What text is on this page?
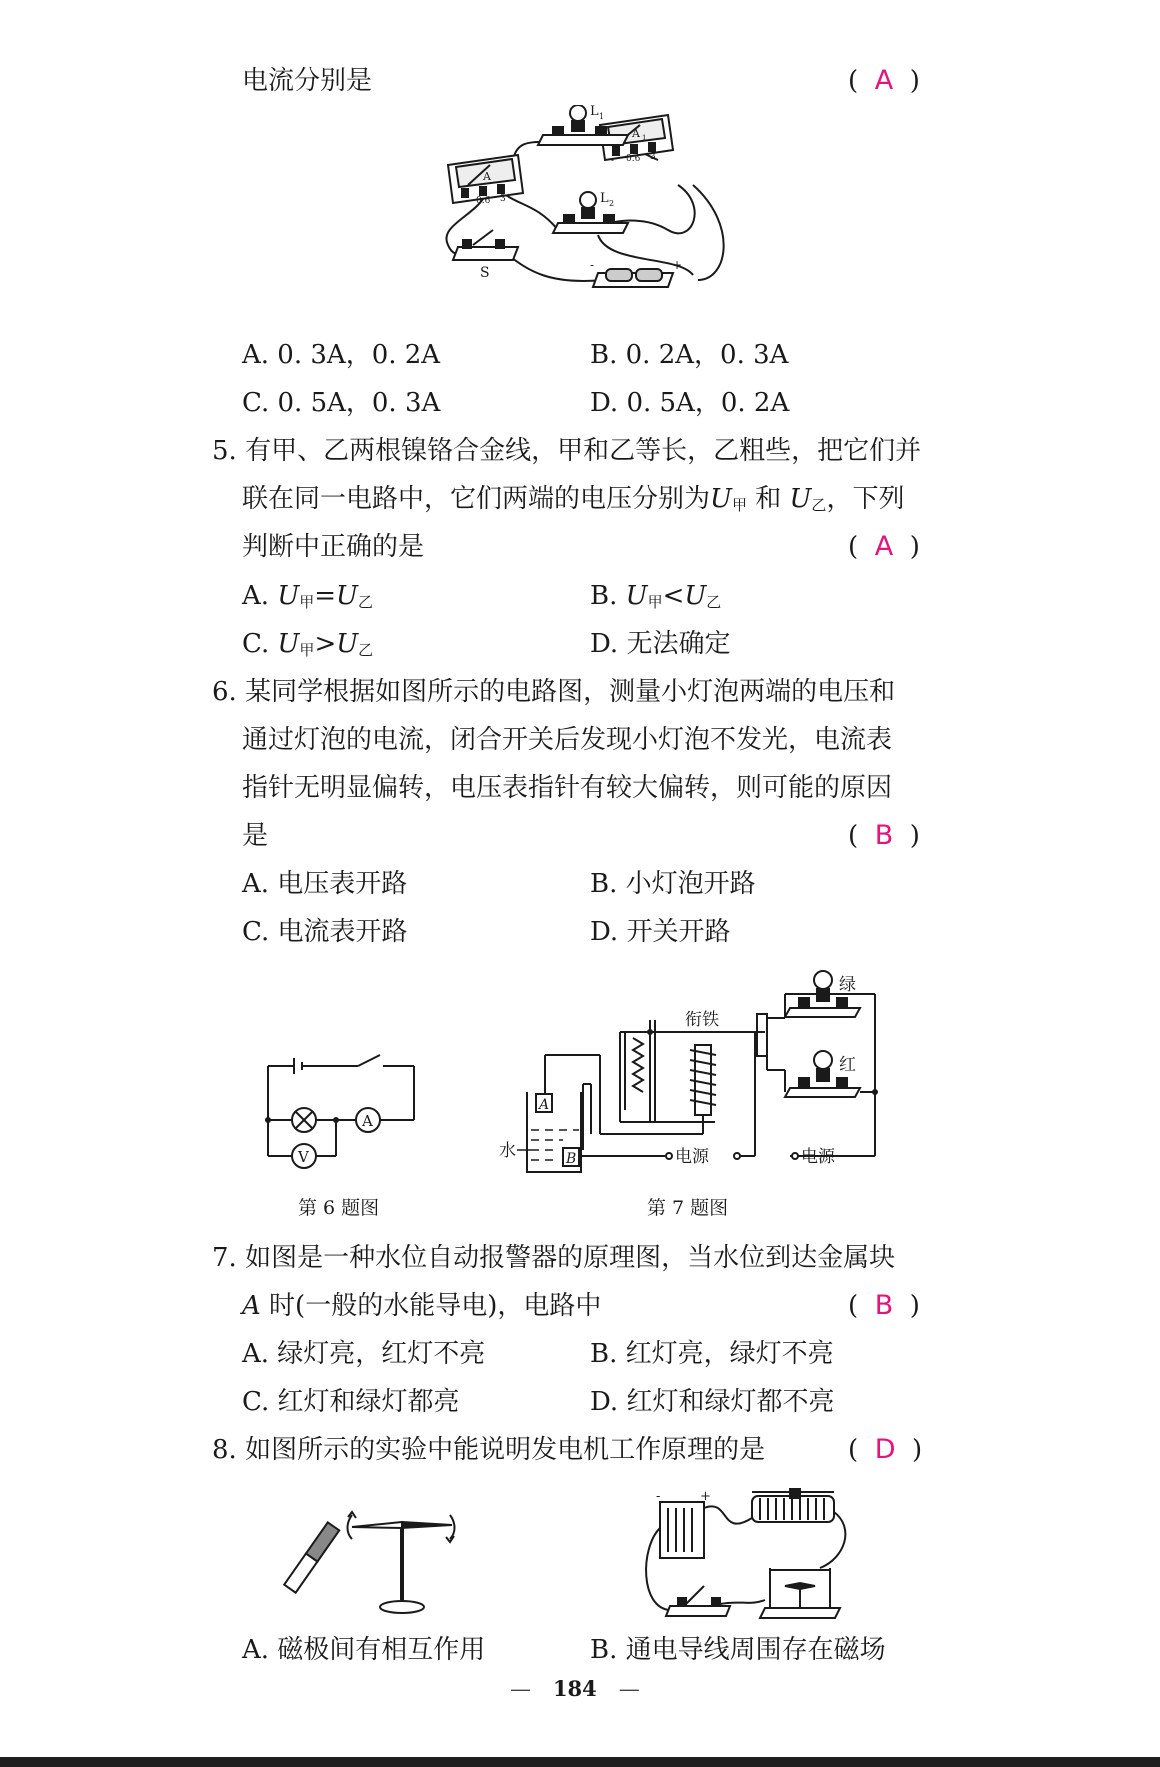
电流分别是	( A )
A
- 0.6 3
A 1
- 0.6 3
L 1
L 2
S	-	+
A. 0. 3A，0. 2A	B. 0. 2A，0. 3A
C. 0. 5A，0. 3A	D. 0. 5A，0. 2A
5. 有甲、乙两根镍铬合金线，甲和乙等长，乙粗些，把它们并
联在同一电路中，它们两端的电压分别为$U_甲$ 和 $U_乙$，下列
判断中正确的是	( A )
A. $U_甲=U_乙$	B. $U_甲<U_乙$
C. $U_甲>U_乙$	D. 无法确定
6. 某同学根据如图所示的电路图，测量小灯泡两端的电压和
通过灯泡的电流，闭合开关后发现小灯泡不发光，电流表
指针无明显偏转，电压表指针有较大偏转，则可能的原因
是	( B )
A. 电压表开路	B. 小灯泡开路
C. 电流表开路	D. 开关开路
A
V
第 6 题图
衔铁
绿
红
水
A
B	电源	电源
第 7 题图
7. 如图是一种水位自动报警器的原理图，当水位到达金属块
A 时(一般的水能导电)，电路中	( B )
A. 绿灯亮，红灯不亮	B. 红灯亮，绿灯不亮
C. 红灯和绿灯都亮	D. 红灯和绿灯都不亮
8. 如图所示的实验中能说明发电机工作原理的是	( D )
-	+
A. 磁极间有相互作用	B. 通电导线周围存在磁场
— 184 —
